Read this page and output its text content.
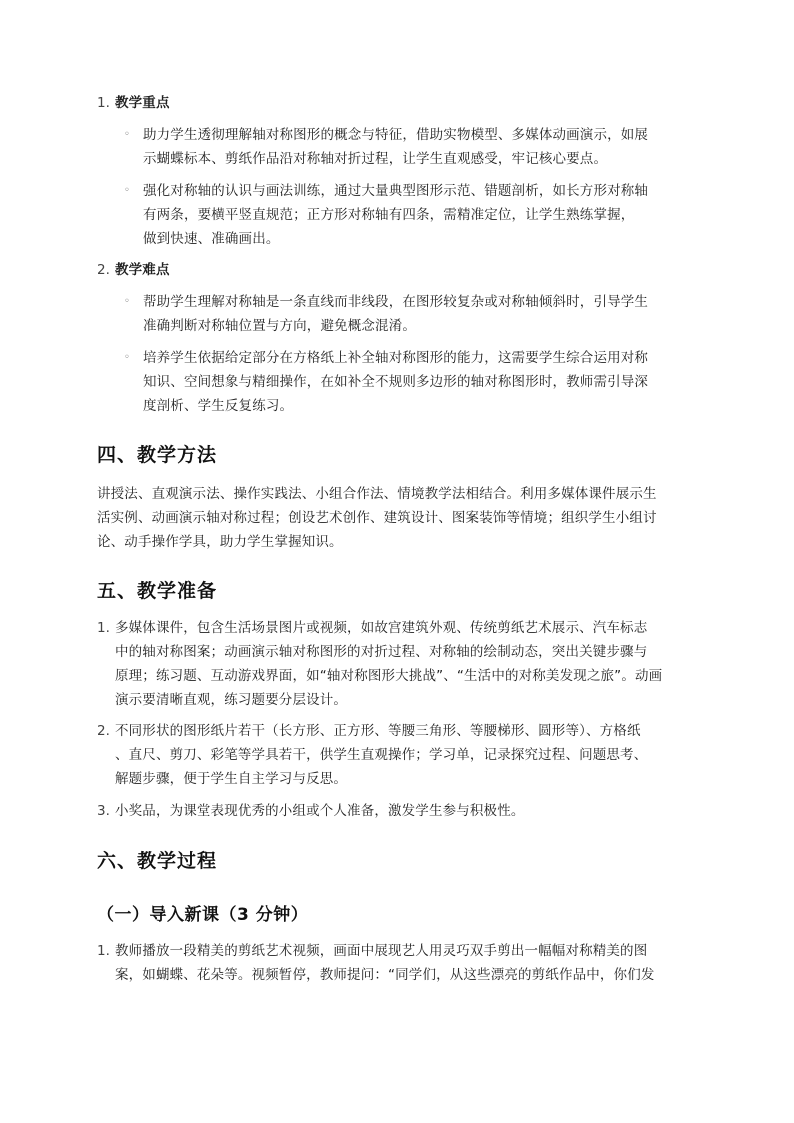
1. 教学重点
◦ 助力学生透彻理解轴对称图形的概念与特征，借助实物模型、多媒体动画演示，如展
示蝴蝶标本、剪纸作品沿对称轴对折过程，让学生直观感受，牢记核心要点。
◦ 强化对称轴的认识与画法训练，通过大量典型图形示范、错题剖析，如长方形对称轴
有两条，要横平竖直规范；正方形对称轴有四条，需精准定位，让学生熟练掌握，
做到快速、准确画出。
2. 教学难点
◦ 帮助学生理解对称轴是一条直线而非线段，在图形较复杂或对称轴倾斜时，引导学生
准确判断对称轴位置与方向，避免概念混淆。
◦ 培养学生依据给定部分在方格纸上补全轴对称图形的能力，这需要学生综合运用对称
知识、空间想象与精细操作，在如补全不规则多边形的轴对称图形时，教师需引导深
度剖析、学生反复练习。
四、教学方法
讲授法、直观演示法、操作实践法、小组合作法、情境教学法相结合。利用多媒体课件展示生
活实例、动画演示轴对称过程；创设艺术创作、建筑设计、图案装饰等情境；组织学生小组讨
论、动手操作学具，助力学生掌握知识。
五、教学准备
1. 多媒体课件，包含生活场景图片或视频，如故宫建筑外观、传统剪纸艺术展示、汽车标志
中的轴对称图案；动画演示轴对称图形的对折过程、对称轴的绘制动态，突出关键步骤与
原理；练习题、互动游戏界面，如“轴对称图形大挑战”、“生活中的对称美发现之旅”。动画
演示要清晰直观，练习题要分层设计。
2. 不同形状的图形纸片若干（长方形、正方形、等腰三角形、等腰梯形、圆形等）、方格纸
、直尺、剪刀、彩笔等学具若干，供学生直观操作；学习单，记录探究过程、问题思考、
解题步骤，便于学生自主学习与反思。
3. 小奖品，为课堂表现优秀的小组或个人准备，激发学生参与积极性。
六、教学过程
（一）导入新课（3 分钟）
1. 教师播放一段精美的剪纸艺术视频，画面中展现艺人用灵巧双手剪出一幅幅对称精美的图
案，如蝴蝶、花朵等。视频暂停，教师提问：“同学们，从这些漂亮的剪纸作品中，你们发
